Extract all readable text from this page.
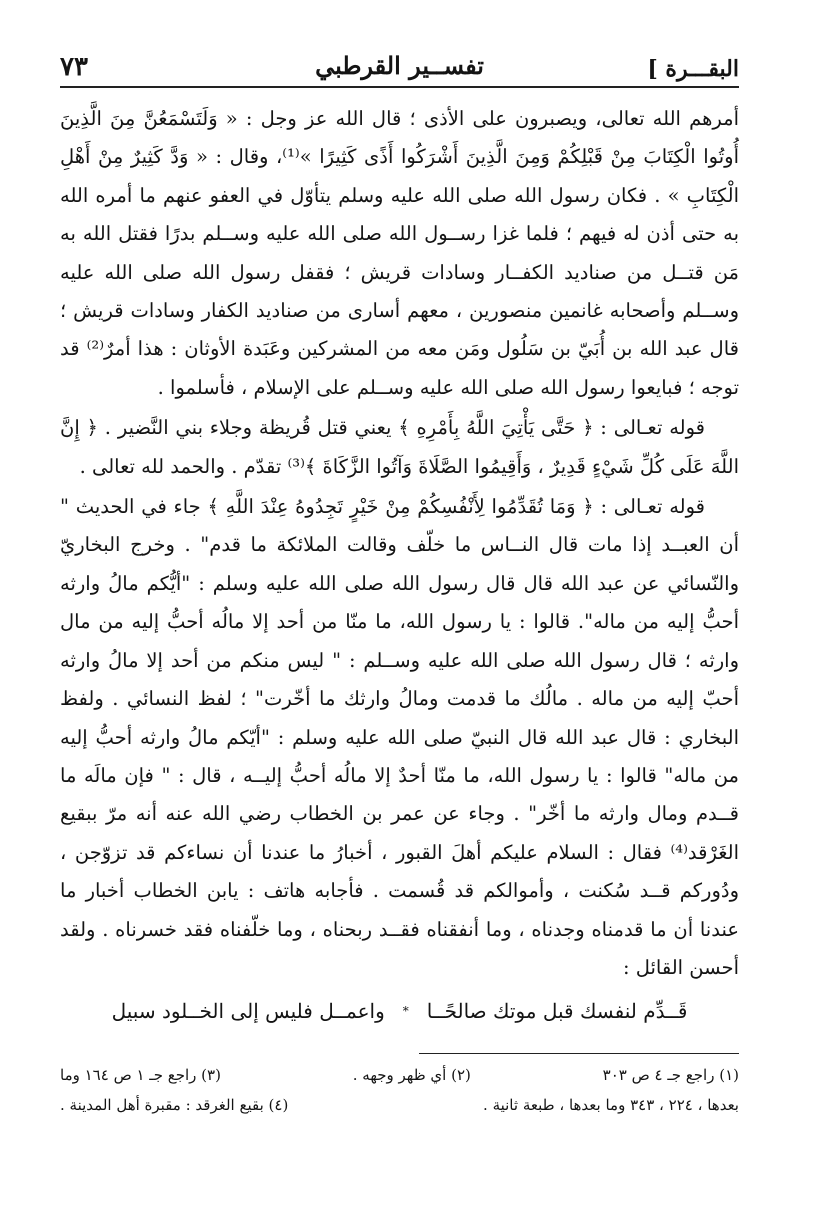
البقـــرة ]
تفســير القرطبي
٧٣

أمرهم الله تعالى، ويصبرون على الأذى ؛ قال الله عز وجل : « وَلَتَسْمَعُنَّ مِنَ الَّذِينَ أُوتُوا الْكِتَابَ مِنْ قَبْلِكُمْ وَمِنَ الَّذِينَ أَشْرَكُوا أَذًى كَثِيرًا »⁽¹⁾، وقال : « وَدَّ كَثِيرٌ مِنْ أَهْلِ الْكِتَابِ » . فكان رسول الله صلى الله عليه وسلم يتأوّل في العفو عنهم ما أمره الله به حتى أذن له فيهم ؛ فلما غزا رســول الله صلى الله عليه وســلم بدرًا فقتل الله به مَن قتــل من صناديد الكفــار وسادات قريش ؛ فقفل رسول الله صلى الله عليه وســلم وأصحابه غانمين منصورين ، معهم أسارى من صناديد الكفار وسادات قريش ؛ قال عبد الله بن أُبَيّ بن سَلُول ومَن معه من المشركين وعَبَدة الأوثان : هذا أمرٌ⁽²⁾ قد توجه ؛ فبايعوا رسول الله صلى الله عليه وســلم على الإسلام ، فأسلموا .

قوله تعـالى : ﴿ حَتَّى يَأْتِيَ اللَّهُ بِأَمْرِهِ ﴾ يعني قتل قُريظة وجلاء بني النَّضير . ﴿ إِنَّ اللَّهَ عَلَى كُلِّ شَيْءٍ قَدِيرٌ ، وَأَقِيمُوا الصَّلَاةَ وَآتُوا الزَّكَاةَ ﴾⁽³⁾ تقدّم . والحمد لله تعالى .

قوله تعـالى : ﴿ وَمَا تُقَدِّمُوا لِأَنْفُسِكُمْ مِنْ خَيْرٍ تَجِدُوهُ عِنْدَ اللَّهِ ﴾ جاء في الحديث " أن العبــد إذا مات قال النــاس ما خلّف وقالت الملائكة ما قدم" . وخرج البخاريّ والنّسائي عن عبد الله قال قال رسول الله صلى الله عليه وسلم : "أيُّكم مالُ وارثه أحبُّ إليه من ماله". قالوا : يا رسول الله، ما منّا من أحد إلا مالُه أحبُّ إليه من مال وارثه ؛ قال رسول الله صلى الله عليه وســلم : " ليس منكم من أحد إلا مالُ وارثه أحبّ إليه من ماله . مالُك ما قدمت ومالُ وارثك ما أخّرت" ؛ لفظ النسائي . ولفظ البخاري : قال عبد الله قال النبيّ صلى الله عليه وسلم : "أيّكم مالُ وارثه أحبُّ إليه من ماله" قالوا : يا رسول الله، ما منّا أحدٌ إلا مالُه أحبُّ إليــه ، قال : " فإن مالَه ما قــدم ومال وارثه ما أخّر" . وجاء عن عمر بن الخطاب رضي الله عنه أنه مرّ ببقيع الغَرْقد⁽⁴⁾ فقال : السلام عليكم أهلَ القبور ، أخبارُ ما عندنا أن نساءكم قد تزوّجن ، ودُوركم قــد سُكنت ، وأموالكم قد قُسمت . فأجابه هاتف : يابن الخطاب أخبار ما عندنا أن ما قدمناه وجدناه ، وما أنفقناه فقــد ربحناه ، وما خلّفناه فقد خسرناه . ولقد أحسن القائل :

قَــدِّم لنفسك قبل موتك صالحًــا
*
واعمــل فليس إلى الخــلود سبيل
(١) راجع جـ ٤ ص ٣٠٣
(٢) أي ظهر وجهه .
(٣) راجع جـ ١ ص ١٦٤ وما
بعدها ، ٢٢٤ ، ٣٤٣ وما بعدها ، طبعة ثانية .
(٤) بقيع الغرقد : مقبرة أهل المدينة .
